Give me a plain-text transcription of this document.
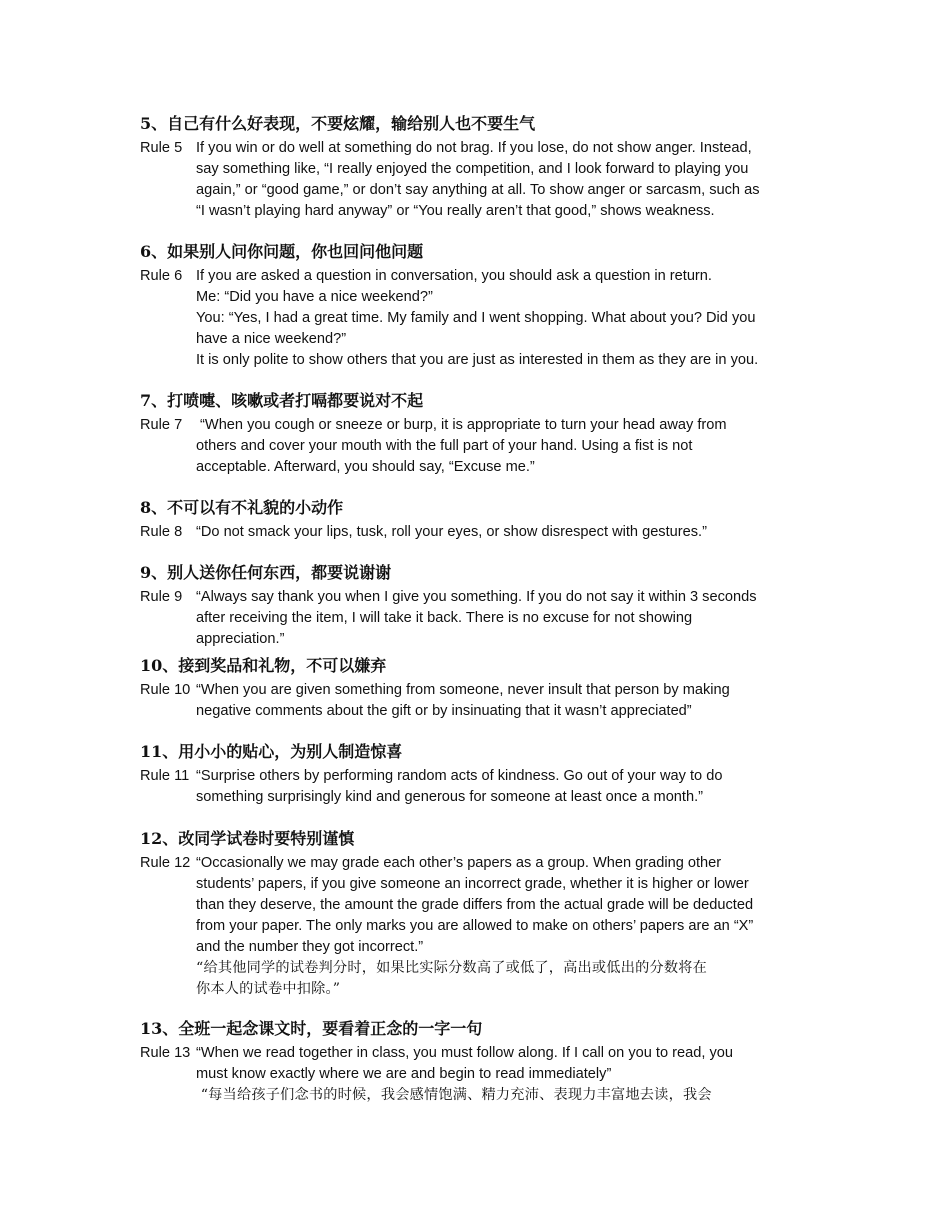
5、自己有什么好表现，不要炫耀，输给别人也不要生气
Rule 5 If you win or do well at something do not brag. If you lose, do not show anger. Instead,
say something like, “I really enjoyed the competition, and I look forward to playing you
again,” or “good game,” or don’t say anything at all. To show anger or sarcasm, such as
“I wasn’t playing hard anyway” or “You really aren’t that good,” shows weakness.
6、如果别人问你问题，你也回问他问题
Rule 6 If you are asked a question in conversation, you should ask a question in return.
Me: “Did you have a nice weekend?”
You: “Yes, I had a great time. My family and I went shopping. What about you? Did you
have a nice weekend?”
It is only polite to show others that you are just as interested in them as they are in you.
7、打喷嚏、咳嗽或者打嗝都要说对不起
Rule 7 “When you cough or sneeze or burp, it is appropriate to turn your head away from
others and cover your mouth with the full part of your hand. Using a fist is not
acceptable. Afterward, you should say, “Excuse me.”
8、不可以有不礼貌的小动作
Rule 8 “Do not smack your lips, tusk, roll your eyes, or show disrespect with gestures.”
9、别人送你任何东西，都要说谢谢
Rule 9 “Always say thank you when I give you something. If you do not say it within 3 seconds
after receiving the item, I will take it back. There is no excuse for not showing
appreciation.”
10、接到奖品和礼物，不可以嫌弃
Rule 10 “When you are given something from someone, never insult that person by making
negative comments about the gift or by insinuating that it wasn’t appreciated”
11、用小小的贴心，为别人制造惊喜
Rule 11 “Surprise others by performing random acts of kindness. Go out of your way to do
something surprisingly kind and generous for someone at least once a month.”
12、改同学试卷时要特别谨慎
Rule 12 “Occasionally we may grade each other’s papers as a group. When grading other
students’ papers, if you give someone an incorrect grade, whether it is higher or lower
than they deserve, the amount the grade differs from the actual grade will be deducted
from your paper. The only marks you are allowed to make on others’ papers are an “X”
and the number they got incorrect.”
“给其他同学的试卷判分时，如果比实际分数高了或低了，高出或低出的分数将在
你本人的试卷中扣除。”
13、全班一起念课文时，要看着正念的一字一句
Rule 13 “When we read together in class, you must follow along. If I call on you to read, you
must know exactly where we are and begin to read immediately”
“每当给孩子们念书的时候，我会感情饱满、精力充沛、表现力丰富地去读，我会
